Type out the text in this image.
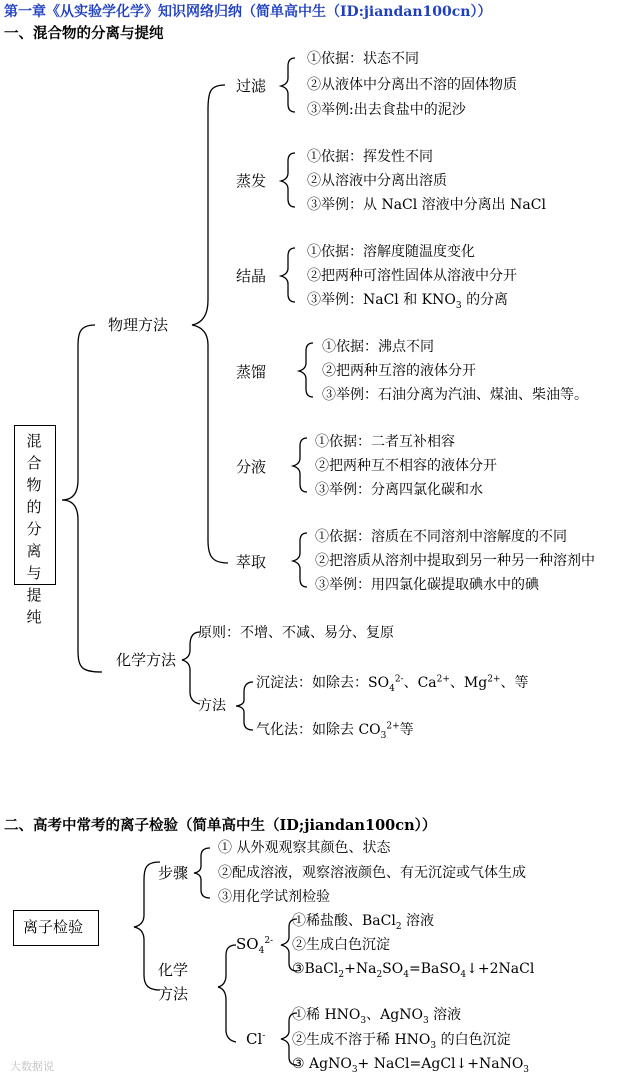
第一章《从实验学化学》知识网络归纳（简单高中生（ID:jiandan100cn））
一、混合物的分离与提纯
混
合
物
的
分
离
与
提
纯
物理方法
过滤
①依据：状态不同
②从液体中分离出不溶的固体物质
③举例:出去食盐中的泥沙
蒸发
①依据：挥发性不同
②从溶液中分离出溶质
③举例：从 NaCl 溶液中分离出 NaCl
结晶
①依据：溶解度随温度变化
②把两种可溶性固体从溶液中分开
③举例：NaCl 和 $KNO_3$ 的分离
蒸馏
①依据：沸点不同
②把两种互溶的液体分开
③举例：石油分离为汽油、煤油、柴油等。
分液
①依据：二者互补相容
②把两种互不相容的液体分开
③举例：分离四氯化碳和水
萃取
①依据：溶质在不同溶剂中溶解度的不同
②把溶质从溶剂中提取到另一种另一种溶剂中
③举例：用四氯化碳提取碘水中的碘
化学方法
原则：不增、不减、易分、复原
方法
沉淀法：如除去：$SO_4^{2-}$、$Ca^{2+}$、$Mg^{2+}$、等
气化法：如除去 $CO_3^{2+}$等
二、高考中常考的离子检验（简单高中生（ID;jiandan100cn））
离子检验
步骤
① 从外观观察其颜色、状态
②配成溶液，观察溶液颜色、有无沉淀或气体生成
③用化学试剂检验
化学
方法
$SO_4^{2-}$
①稀盐酸、BaCl$_2$ 溶液
②生成白色沉淀
$③BaCl_2+Na_2SO_4=BaSO_4↓+2NaCl$
Cl-
①稀 $HNO_3$、AgNO$_3$ 溶液
②生成不溶于稀 $HNO_3$ 的白色沉淀
③ AgNO$_3$+ NaCl=AgCl↓+NaNO$_3$
大数据说
